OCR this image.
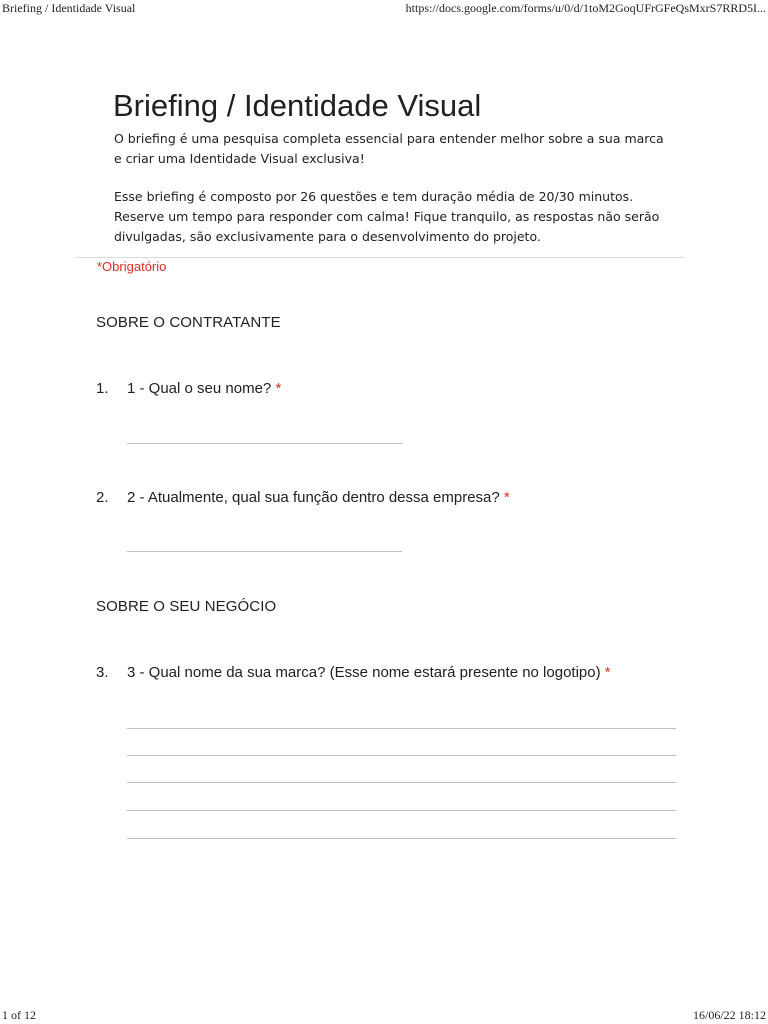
Briefing / Identidade Visual	https://docs.google.com/forms/u/0/d/1toM2GoqUFrGFeQsMxrS7RRD5I...
Briefing / Identidade Visual

O briefing é uma pesquisa completa essencial para entender melhor sobre a sua marca e criar uma Identidade Visual exclusiva!

Esse briefing é composto por 26 questões e tem duração média de 20/30 minutos. Reserve um tempo para responder com calma! Fique tranquilo, as respostas não serão divulgadas, são exclusivamente para o desenvolvimento do projeto.

*Obrigatório
SOBRE O CONTRATANTE
1. 1 - Qual o seu nome? *
2. 2 - Atualmente, qual sua função dentro dessa empresa? *
SOBRE O SEU NEGÓCIO
3. 3 - Qual nome da sua marca? (Esse nome estará presente no logotipo) *
1 of 12	16/06/22 18:12
